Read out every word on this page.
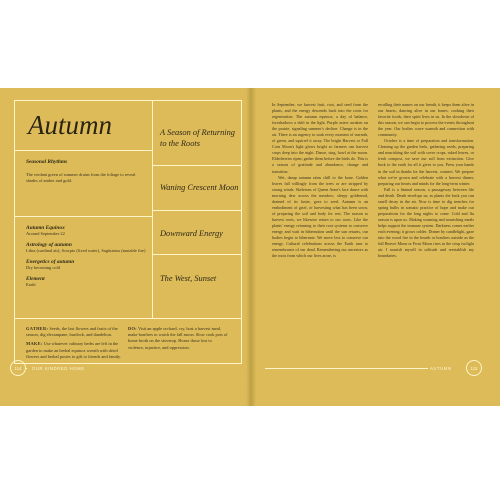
Autumn
Seasonal Rhythms
The verdant green of summer drains from the foliage to reveal shades of amber and gold.
Autumn Equinox
Around September 22
Astrology of autumn
Libra (cardinal air), Scorpio (fixed water), Sagittarius (mutable fire)
Energetics of autumn
Dry becoming cold
Element
Earth
A Season of Returning to the Roots
Waning Crescent Moon
Downward Energy
The West, Sunset
GATHER: Seeds, the last flowers and fruits of the season, dig elecampane, burdock, and dandelion.
MAKE: Use whatever culinary herbs are left in the garden to make an herbal equinox wreath with dried flowers and herbal posies to gift to friends and family.
DO: Visit an apple orchard, cry, host a harvest meal, make bonfires to watch the fall moon. Slow cook pots of home broth on the stovetop. Honor those lost to violence, injustice, and oppression.
114	OUR KINDRED HOME

In September, we harvest fruit, root, and seed from the plants, and the energy descends back into the roots for regeneration. The autumn equinox, a day of balance, foreshadows a shift in the light. Purple asters awaken on the prairie, signaling summer's decline. Change is in the air. There is an urgency to soak every moment of warmth, of green, and squirrel it away. The bright Harvest or Full Corn Moon's light glows bright so farmers can harvest crops deep into the night. Dance, sing, howl at the moon. Elderberries ripen; gather them before the birds do. This is a season of gratitude and abundance, change and transition.

Wet, damp autumn rains chill to the bone. Golden leaves fall willingly from the trees or are stripped by strong winds. Skeletons of Queen Anne's lace dance with morning dew across the meadow; sleepy goldenrod, drained of its luster, goes to seed. Autumn is an embodiment of grief, of harvesting what has been sown, of preparing the soil and body for rest. The season to harvest roots, we likewise return to our roots. Like the plants' energy returning to their root systems to conserve energy and wait in hibernation until the sun returns, our bodies begin to hibernate. We move less to conserve our energy. Cultural celebrations across the Earth turn to remembrance of our dead. Remembering our ancestors as the roots from which our lives arose, is

recalling their names on our breath, it keeps them alive in our hearts; dancing alive in our bones, cooking their favorite foods, their spirit lives in us. In the slowdown of this season, we can begin to process the events throughout the year. Our bodies crave warmth and connection with community.

October is a time of preparation and transformation. Cleaning up the garden beds, gathering seeds, preparing and nourishing the soil with cover crops, raked leaves, or fresh compost, we save our soil from extinction. Give back to the earth for all it gives to you. Press your hands in the soil in thanks for the harvest, connect. We prepare what we've grown and celebrate with a harvest dinner, preparing our hearts and minds for the long-term winter.

Fall is a liminal season, a passageway between life and death. Death envelops us; as plants die back you can smell decay in the air. Now is time to dig trenches for spring bulbs in somatic practice of hope and make our preparations for the long nights to come. Cold and flu season is upon us. Making warming and nourishing meals helps support the immune system. Darkness comes earlier each evening; it grows colder. Dinner by candlelight, gaze into the wood fire in the hearth or bonfires outside as the full Beaver Moon or Frost Moon rises in the crisp twilight air. I nourish myself in solitude and reestablish my boundaries.

AUTUMN	115
